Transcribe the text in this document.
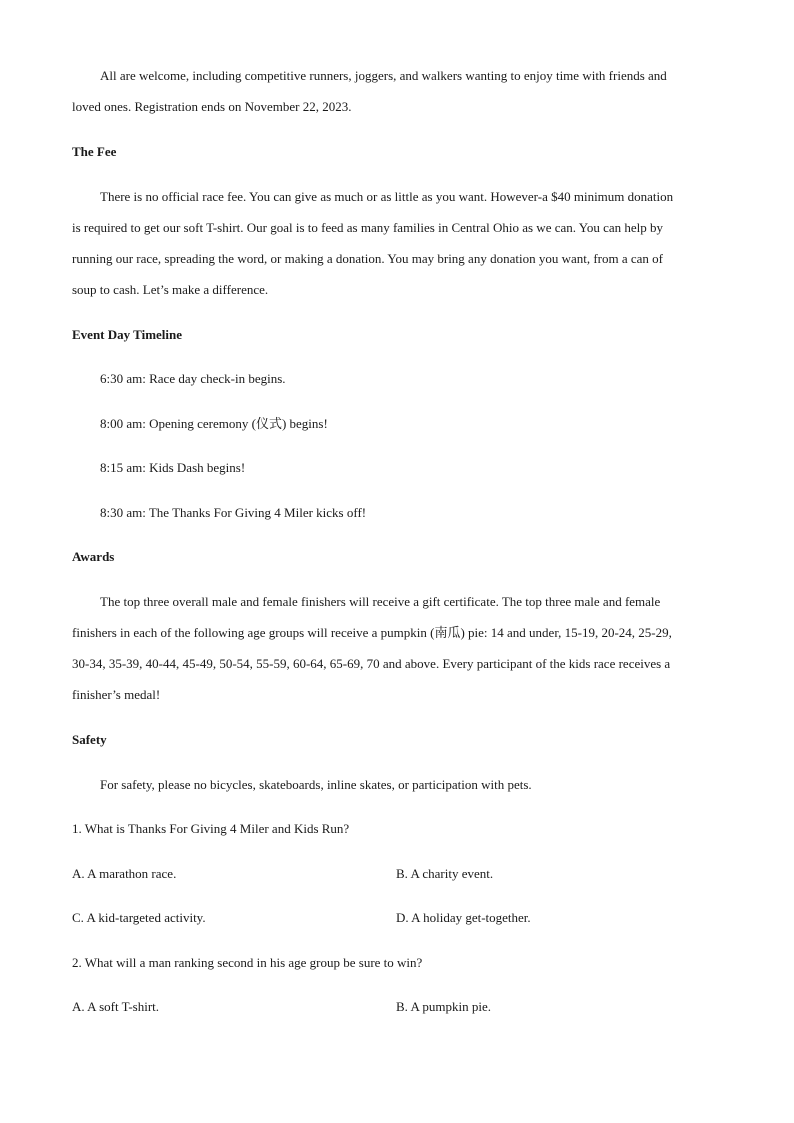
All are welcome, including competitive runners, joggers, and walkers wanting to enjoy time with friends and
loved ones. Registration ends on November 22, 2023.
The Fee
There is no official race fee. You can give as much or as little as you want. However-a $40 minimum donation
is required to get our soft T-shirt. Our goal is to feed as many families in Central Ohio as we can. You can help by
running our race, spreading the word, or making a donation. You may bring any donation you want, from a can of
soup to cash. Let’s make a difference.
Event Day Timeline
6:30 am: Race day check-in begins.
8:00 am: Opening ceremony (仪式) begins!
8:15 am: Kids Dash begins!
8:30 am: The Thanks For Giving 4 Miler kicks off!
Awards
The top three overall male and female finishers will receive a gift certificate. The top three male and female
finishers in each of the following age groups will receive a pumpkin (南瓜) pie: 14 and under, 15-19, 20-24, 25-29,
30-34, 35-39, 40-44, 45-49, 50-54, 55-59, 60-64, 65-69, 70 and above. Every participant of the kids race receives a
finisher’s medal!
Safety
For safety, please no bicycles, skateboards, inline skates, or participation with pets.
1. What is Thanks For Giving 4 Miler and Kids Run?
A. A marathon race.	B. A charity event.
C. A kid-targeted activity.	D. A holiday get-together.
2. What will a man ranking second in his age group be sure to win?
A. A soft T-shirt.	B. A pumpkin pie.
